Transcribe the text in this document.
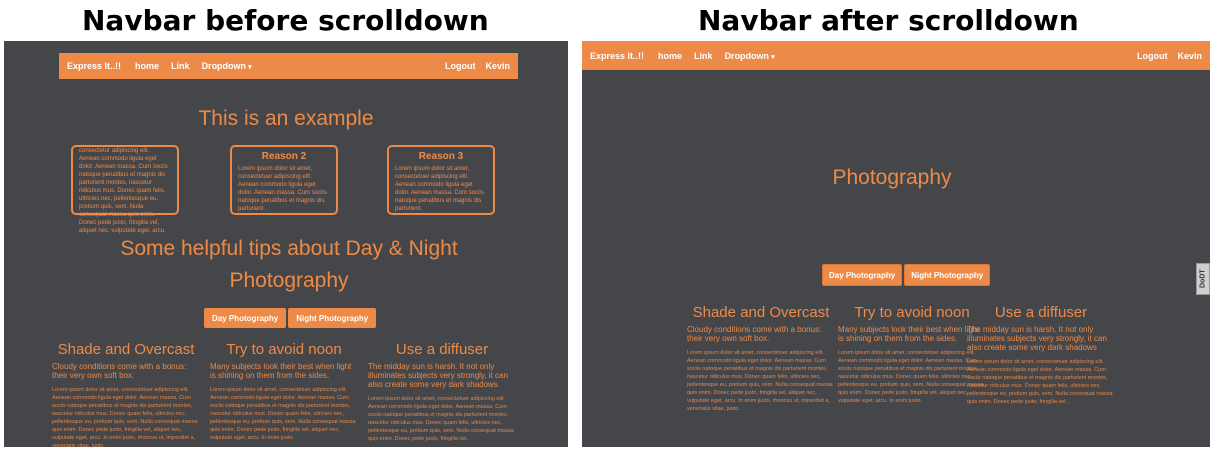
Navbar before scrolldown	Navbar after scrolldown
Express It..!! home Link Dropdown ▾	Logout Kevin
This is an example
consectetur adipiscing elit. Aenean commodo ligula eget dolor. Aenean massa. Cum sociis natoque penatibus et magnis dis parturient montes, nascetur ridiculus mus. Donec quam felis, ultricies nec, pellentesque eu, pretium quis, sem. Nulla consequat massa quis enim. Donec pede justo, fringilla vel, aliquet nec, vulputate eget, arcu.
Reason 2
Lorem ipsum dolor sit amet, consectetuer adipiscing elit. Aenean commodo ligula eget dolor. Aenean massa. Cum sociis natoque penatibus et magnis dis parturient.
Reason 3
Lorem ipsum dolor sit amet, consectetuer adipiscing elit. Aenean commodo ligula eget dolor. Aenean massa. Cum sociis natoque penatibus et magnis dis parturient.
Some helpful tips about Day & Night
Photography
Day Photography	Night Photography
Shade and Overcast
Cloudy conditions come with a bonus: their very own soft box.
Lorem ipsum dolor sit amet, consectetuer adipiscing elit. Aenean commodo ligula eget dolor. Aenean massa. Cum sociis natoque penatibus et magnis dis parturient montes, nascetur ridiculus mus. Donec quam felis, ultricies nec, pellentesque eu, pretium quis, sem. Nulla consequat massa quis enim. Donec pede justo, fringilla vel, aliquet nec, vulputate eget, arcu. In enim justo, rhoncus ut, imperdiet a, venenatis vitae, justo.
Try to avoid noon
Many subjects look their best when light is shining on them from the sides.
Lorem ipsum dolor sit amet, consectetuer adipiscing elit. Aenean commodo ligula eget dolor. Aenean massa. Cum sociis natoque penatibus et magnis dis parturient montes, nascetur ridiculus mus. Donec quam felis, ultricies nec, pellentesque eu, pretium quis, sem. Nulla consequat massa quis enim. Donec pede justo, fringilla vel, aliquet nec, vulputate eget, arcu. In enim justo.
Use a diffuser
The midday sun is harsh. It not only illuminates subjects very strongly, it can also create some very dark shadows
Lorem ipsum dolor sit amet, consectetuer adipiscing elit. Aenean commodo ligula eget dolor. Aenean massa. Cum sociis natoque penatibus et magnis dis parturient montes, nascetur ridiculus mus. Donec quam felis, ultricies nec, pellentesque eu, pretium quis, sem. Nulla consequat massa quis enim. Donec pede justo, fringilla vel.
Express It..!! home Link Dropdown ▾	Logout Kevin
Photography
Day Photography	Night Photography
Shade and Overcast
Cloudy conditions come with a bonus: their very own soft box.
Lorem ipsum dolor sit amet, consectetuer adipiscing elit. Aenean commodo ligula eget dolor. Aenean massa. Cum sociis natoque penatibus et magnis dis parturient montes, nascetur ridiculus mus. Donec quam felis, ultricies nec, pellentesque eu, pretium quis, sem. Nulla consequat massa quis enim. Donec pede justo, fringilla vel, aliquet nec, vulputate eget, arcu. In enim justo, rhoncus ut, imperdiet a, venenatis vitae, justo.
Try to avoid noon
Many subjects look their best when light is shining on them from the sides.
Lorem ipsum dolor sit amet, consectetuer adipiscing elit. Aenean commodo ligula eget dolor. Aenean massa. Cum sociis natoque penatibus et magnis dis parturient montes, nascetur ridiculus mus. Donec quam felis, ultricies nec, pellentesque eu, pretium quis, sem. Nulla consequat massa quis enim. Donec pede justo, fringilla vel, aliquet nec, vulputate eget, arcu. In enim justo.
Use a diffuser
The midday sun is harsh. It not only illuminates subjects very strongly, it can also create some very dark shadows
Lorem ipsum dolor sit amet, consectetuer adipiscing elit. Aenean commodo ligula eget dolor. Aenean massa. Cum sociis natoque penatibus et magnis dis parturient montes, nascetur ridiculus mus. Donec quam felis, ultricies nec, pellentesque eu, pretium quis, sem. Nulla consequat massa quis enim. Donec pede justo, fringilla vel.
DoDT
